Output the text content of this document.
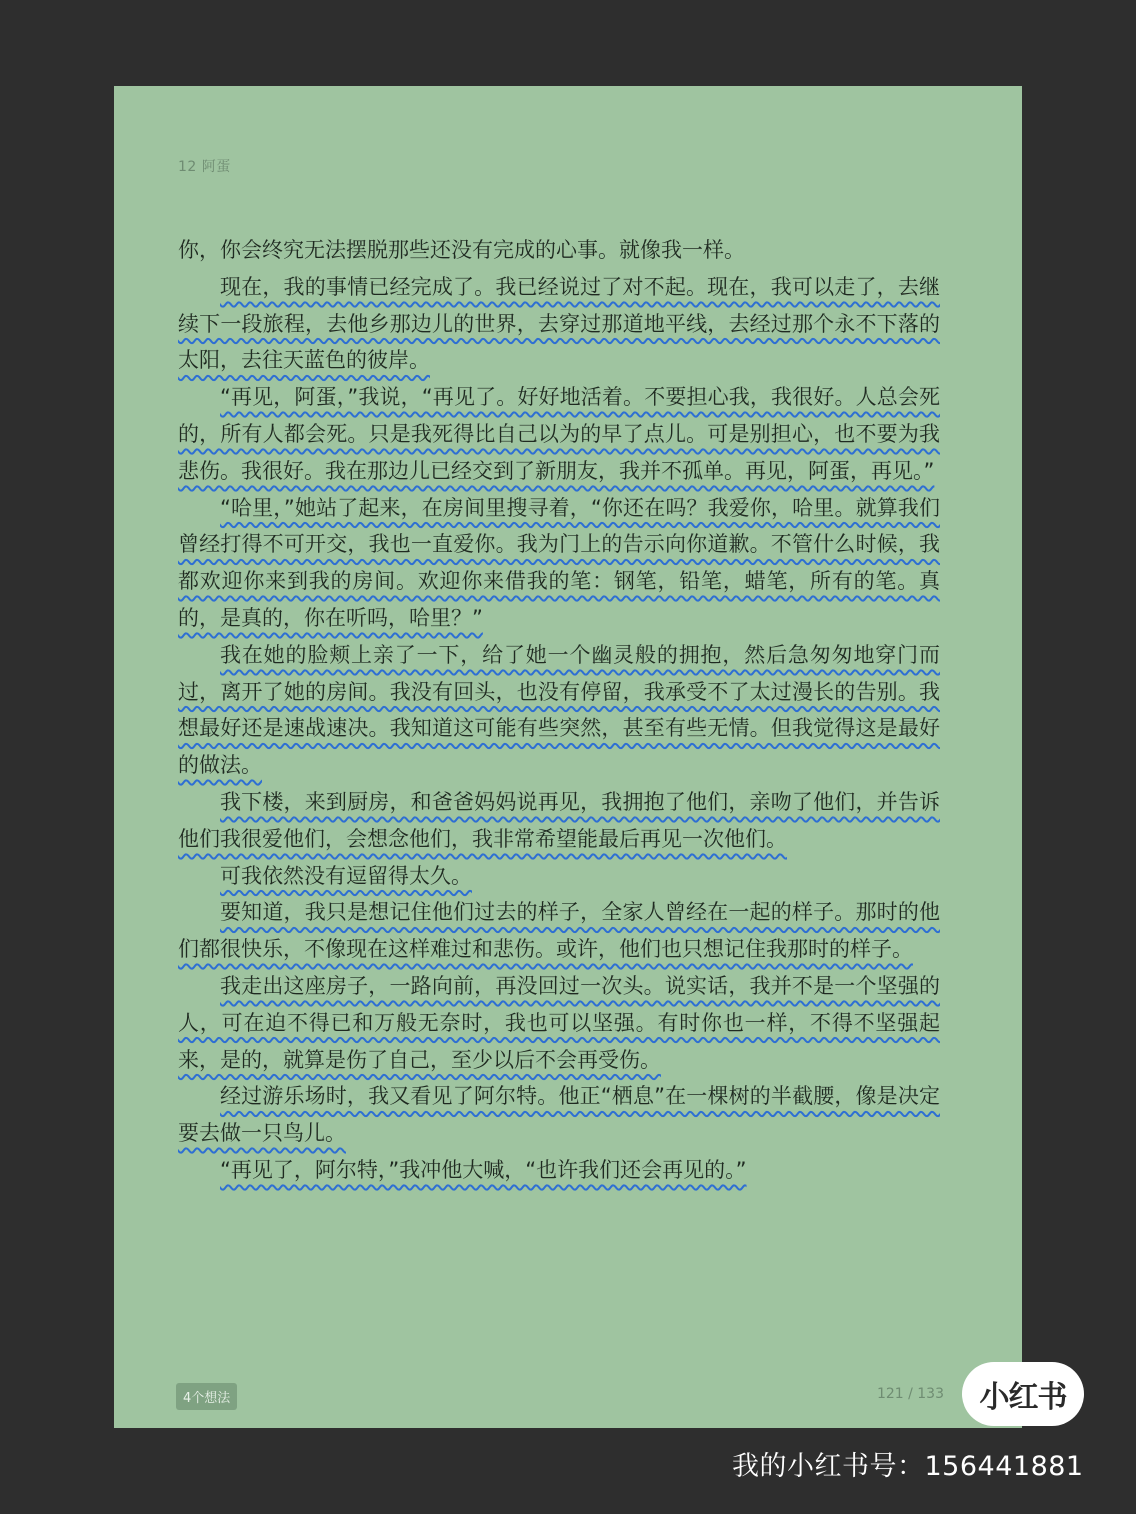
12 阿蛋

你，你会终究无法摆脱那些还没有完成的心事。就像我一样。

现在，我的事情已经完成了。我已经说过了对不起。现在，我可以走了，去继续下一段旅程，去他乡那边儿的世界，去穿过那道地平线，去经过那个永不下落的太阳，去往天蓝色的彼岸。

“再见，阿蛋，”我说，“再见了。好好地活着。不要担心我，我很好。人总会死的，所有人都会死。只是我死得比自己以为的早了点儿。可是别担心，也不要为我悲伤。我很好。我在那边儿已经交到了新朋友，我并不孤单。再见，阿蛋，再见。”

“哈里，”她站了起来，在房间里搜寻着，“你还在吗？我爱你，哈里。就算我们曾经打得不可开交，我也一直爱你。我为门上的告示向你道歉。不管什么时候，我都欢迎你来到我的房间。欢迎你来借我的笔：钢笔，铅笔，蜡笔，所有的笔。真的，是真的，你在听吗，哈里？”

我在她的脸颊上亲了一下，给了她一个幽灵般的拥抱，然后急匆匆地穿门而过，离开了她的房间。我没有回头，也没有停留，我承受不了太过漫长的告别。我想最好还是速战速决。我知道这可能有些突然，甚至有些无情。但我觉得这是最好的做法。

我下楼，来到厨房，和爸爸妈妈说再见，我拥抱了他们，亲吻了他们，并告诉他们我很爱他们，会想念他们，我非常希望能最后再见一次他们。

可我依然没有逗留得太久。

要知道，我只是想记住他们过去的样子，全家人曾经在一起的样子。那时的他们都很快乐，不像现在这样难过和悲伤。或许，他们也只想记住我那时的样子。

我走出这座房子，一路向前，再没回过一次头。说实话，我并不是一个坚强的人，可在迫不得已和万般无奈时，我也可以坚强。有时你也一样，不得不坚强起来，是的，就算是伤了自己，至少以后不会再受伤。

经过游乐场时，我又看见了阿尔特。他正“栖息”在一棵树的半截腰，像是决定要去做一只鸟儿。

“再见了，阿尔特，”我冲他大喊，“也许我们还会再见的。”

4个想法	121 / 133 小红书
我的小红书号：156441881
